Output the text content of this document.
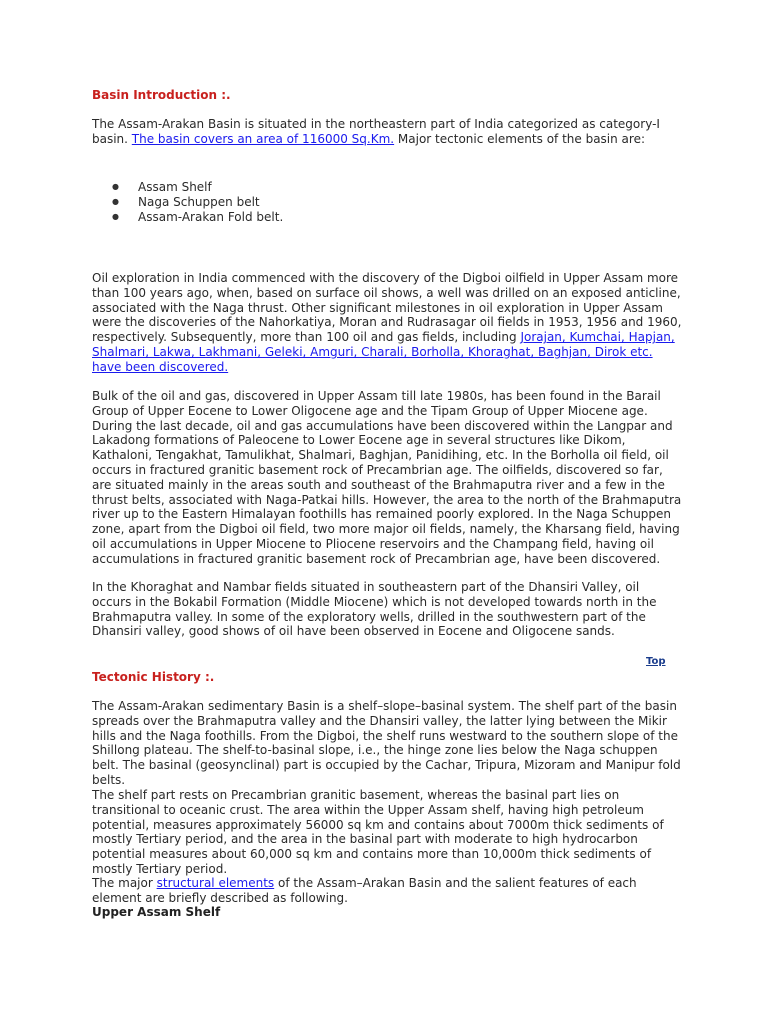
Basin Introduction :.

The Assam-Arakan Basin is situated in the northeastern part of India categorized as category-I basin. The basin covers an area of 116000 Sq.Km. Major tectonic elements of the basin are:

● Assam Shelf
● Naga Schuppen belt
● Assam-Arakan Fold belt.

Oil exploration in India commenced with the discovery of the Digboi oilfield in Upper Assam more than 100 years ago, when, based on surface oil shows, a well was drilled on an exposed anticline, associated with the Naga thrust. Other significant milestones in oil exploration in Upper Assam were the discoveries of the Nahorkatiya, Moran and Rudrasagar oil fields in 1953, 1956 and 1960, respectively. Subsequently, more than 100 oil and gas fields, including Jorajan, Kumchai, Hapjan, Shalmari, Lakwa, Lakhmani, Geleki, Amguri, Charali, Borholla, Khoraghat, Baghjan, Dirok etc. have been discovered.

Bulk of the oil and gas, discovered in Upper Assam till late 1980s, has been found in the Barail Group of Upper Eocene to Lower Oligocene age and the Tipam Group of Upper Miocene age. During the last decade, oil and gas accumulations have been discovered within the Langpar and Lakadong formations of Paleocene to Lower Eocene age in several structures like Dikom, Kathaloni, Tengakhat, Tamulikhat, Shalmari, Baghjan, Panidihing, etc. In the Borholla oil field, oil occurs in fractured granitic basement rock of Precambrian age. The oilfields, discovered so far, are situated mainly in the areas south and southeast of the Brahmaputra river and a few in the thrust belts, associated with Naga-Patkai hills. However, the area to the north of the Brahmaputra river up to the Eastern Himalayan foothills has remained poorly explored. In the Naga Schuppen zone, apart from the Digboi oil field, two more major oil fields, namely, the Kharsang field, having oil accumulations in Upper Miocene to Pliocene reservoirs and the Champang field, having oil accumulations in fractured granitic basement rock of Precambrian age, have been discovered.

In the Khoraghat and Nambar fields situated in southeastern part of the Dhansiri Valley, oil occurs in the Bokabil Formation (Middle Miocene) which is not developed towards north in the Brahmaputra valley. In some of the exploratory wells, drilled in the southwestern part of the Dhansiri valley, good shows of oil have been observed in Eocene and Oligocene sands.

Tectonic History :.

The Assam-Arakan sedimentary Basin is a shelf–slope–basinal system. The shelf part of the basin spreads over the Brahmaputra valley and the Dhansiri valley, the latter lying between the Mikir hills and the Naga foothills. From the Digboi, the shelf runs westward to the southern slope of the Shillong plateau. The shelf-to-basinal slope, i.e., the hinge zone lies below the Naga schuppen belt. The basinal (geosynclinal) part is occupied by the Cachar, Tripura, Mizoram and Manipur fold belts.

The shelf part rests on Precambrian granitic basement, whereas the basinal part lies on transitional to oceanic crust. The area within the Upper Assam shelf, having high petroleum potential, measures approximately 56000 sq km and contains about 7000m thick sediments of mostly Tertiary period, and the area in the basinal part with moderate to high hydrocarbon potential measures about 60,000 sq km and contains more than 10,000m thick sediments of mostly Tertiary period.

The major structural elements of the Assam–Arakan Basin and the salient features of each element are briefly described as following.

Upper Assam Shelf
Top
